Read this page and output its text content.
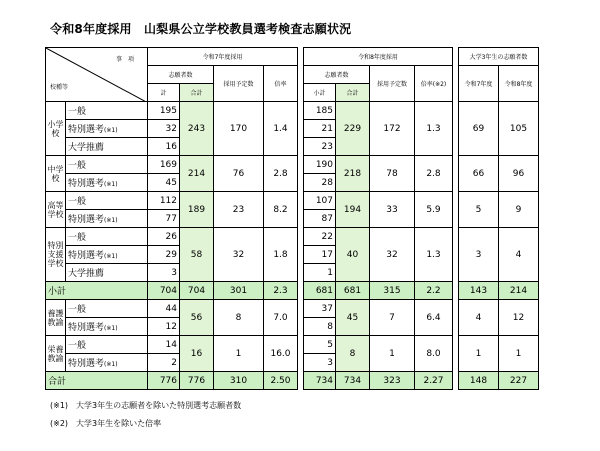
令和8年度採用　山梨県公立学校教員選考検査志願状況
事　項
校種等		令和7年度採用					令和8年度採用					大学3年生の志願者数	
		志願者数		採用予定数	倍率		志願者数		採用予定数	倍率(※2)		令和7年度	令和8年度
		計	合計				小計	合計					
小学校	一般	195	243	170	1.4		185	229	172	1.3		69	105
	特別選考(※1)	32					21						
	大学推薦	16					23						
中学校	一般	169	214	76	2.8		190	218	78	2.8		66	96
	特別選考(※1)	45					28						
高等学校	一般	112	189	23	8.2		107	194	33	5.9		5	9
	特別選考(※1)	77					87						
特別支援学校	一般	26	58	32	1.8		22	40	32	1.3		3	4
	特別選考(※1)	29					17						
	大学推薦	3					1						
小計		704	704	301	2.3		681	681	315	2.2		143	214
養護教諭	一般	44	56	8	7.0		37	45	7	6.4		4	12
	特別選考(※1)	12					8						
栄養教諭	一般	14	16	1	16.0		5	8	1	8.0		1	1
	特別選考(※1)	2					3						
合計		776	776	310	2.50		734	734	323	2.27		148	227
(※1)　大学3年生の志願者を除いた特別選考志願者数
(※2)　大学3年生を除いた倍率
